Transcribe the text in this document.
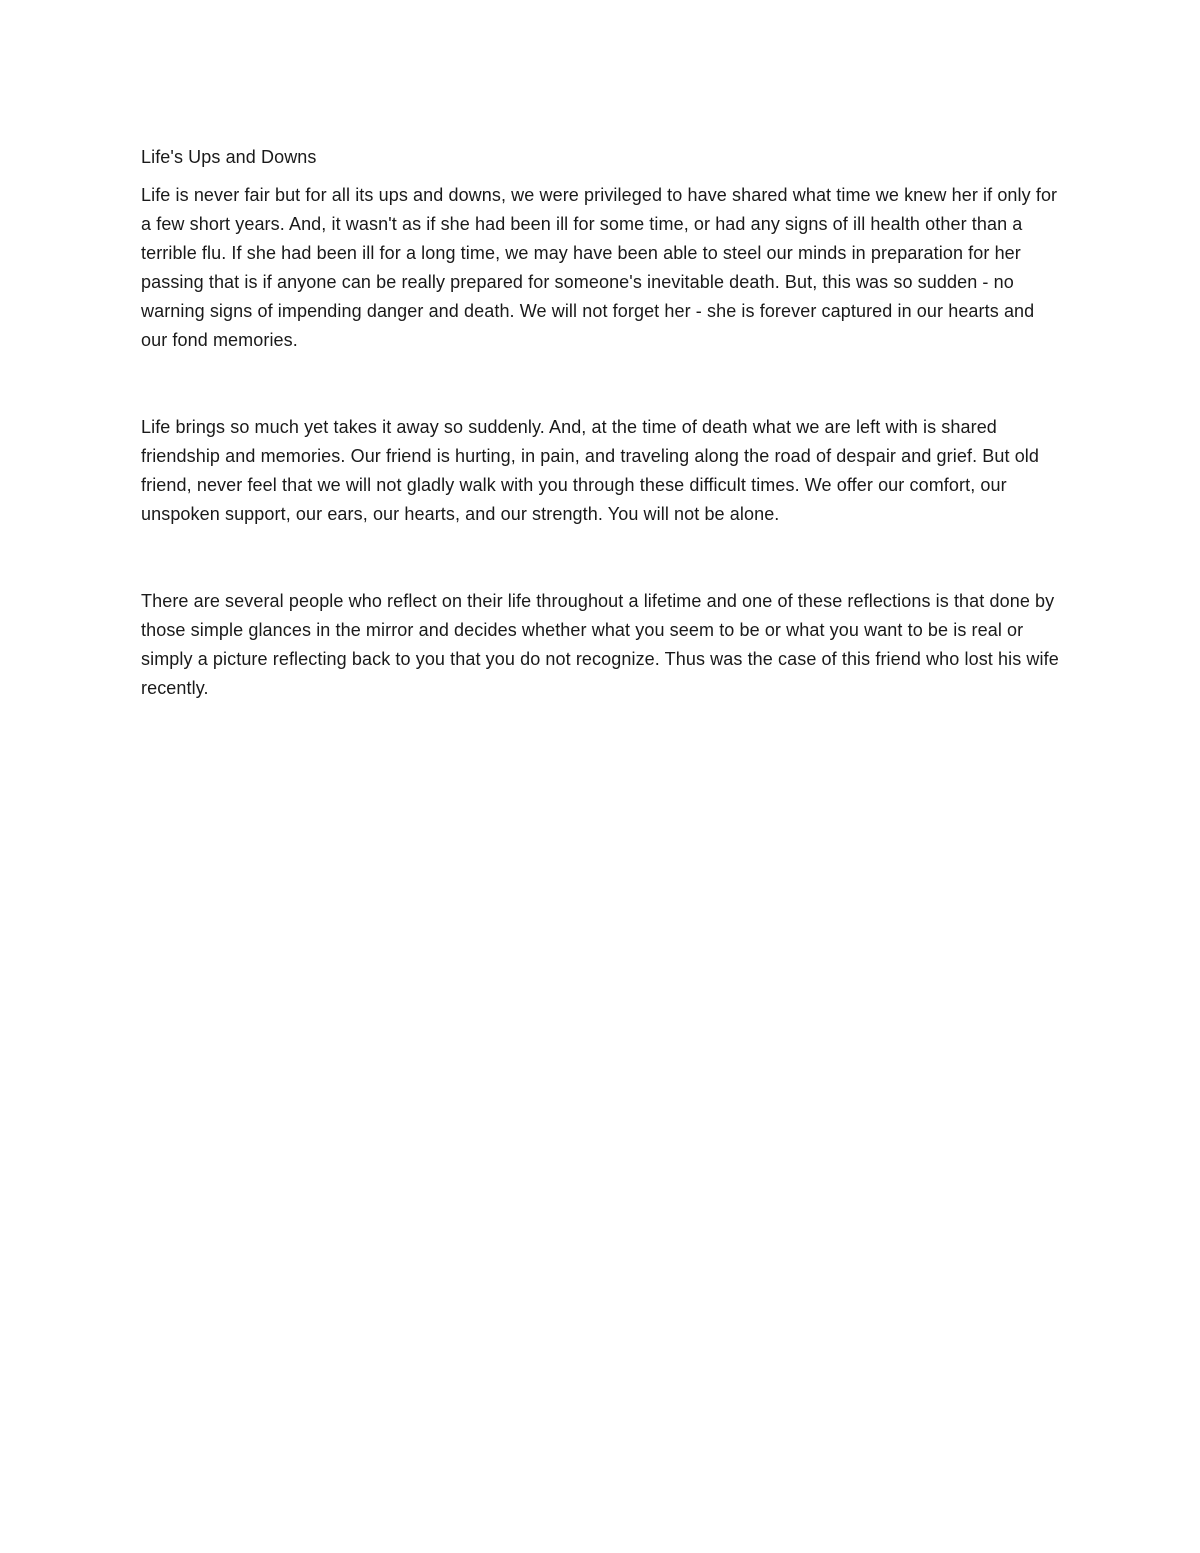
Life's Ups and Downs

Life is never fair but for all its ups and downs, we were privileged to have shared what time we knew her if only for a few short years. And, it wasn't as if she had been ill for some time, or had any signs of ill health other than a terrible flu. If she had been ill for a long time, we may have been able to steel our minds in preparation for her passing that is if anyone can be really prepared for someone's inevitable death. But, this was so sudden - no warning signs of impending danger and death. We will not forget her - she is forever captured in our hearts and our fond memories.

Life brings so much yet takes it away so suddenly. And, at the time of death what we are left with is shared friendship and memories. Our friend is hurting, in pain, and traveling along the road of despair and grief. But old friend, never feel that we will not gladly walk with you through these difficult times. We offer our comfort, our unspoken support, our ears, our hearts, and our strength. You will not be alone.

There are several people who reflect on their life throughout a lifetime and one of these reflections is that done by those simple glances in the mirror and decides whether what you seem to be or what you want to be is real or simply a picture reflecting back to you that you do not recognize. Thus was the case of this friend who lost his wife recently.
